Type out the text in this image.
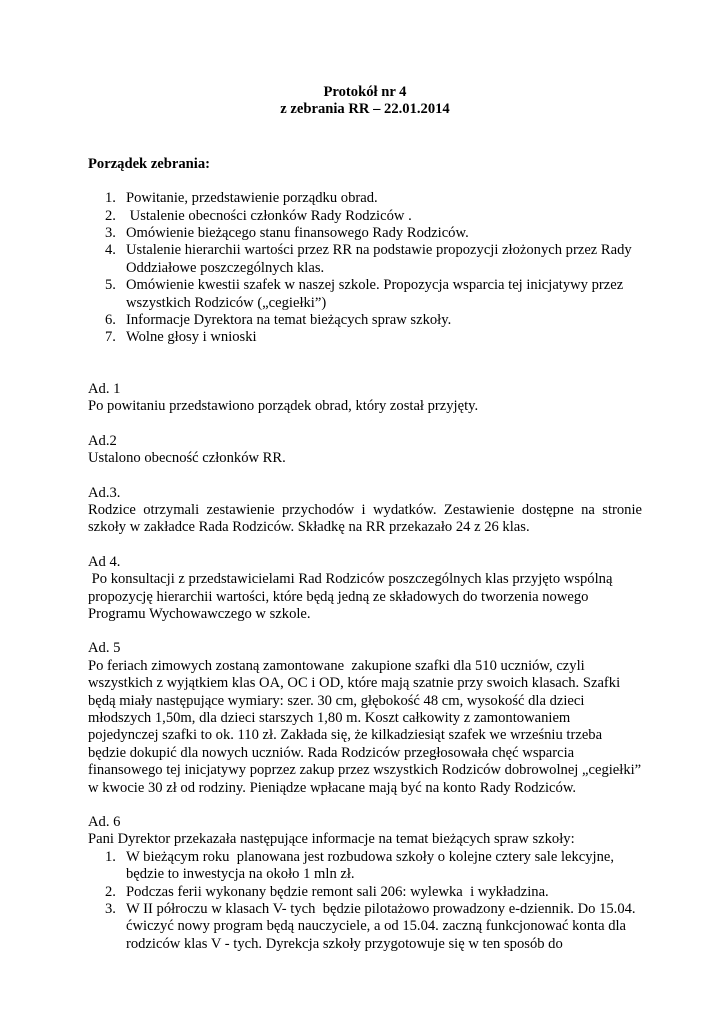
Protokół nr 4
z zebrania RR – 22.01.2014
Porządek zebrania:
1. Powitanie, przedstawienie porządku obrad.
2. Ustalenie obecności członków Rady Rodziców .
3. Omówienie bieżącego stanu finansowego Rady Rodziców.
4. Ustalenie hierarchii wartości przez RR na podstawie propozycji złożonych przez Rady Oddziałowe poszczególnych klas.
5. Omówienie kwestii szafek w naszej szkole. Propozycja wsparcia tej inicjatywy przez wszystkich Rodziców („cegiełki”)
6. Informacje Dyrektora na temat bieżących spraw szkoły.
7. Wolne głosy i wnioski
Ad. 1
Po powitaniu przedstawiono porządek obrad, który został przyjęty.
Ad.2
Ustalono obecność członków RR.
Ad.3.
Rodzice otrzymali zestawienie przychodów i wydatków. Zestawienie dostępne na stronie szkoły w zakładce Rada Rodziców. Składkę na RR przekazało 24 z 26 klas.
Ad 4.
Po konsultacji z przedstawicielami Rad Rodziców poszczególnych klas przyjęto wspólną propozycję hierarchii wartości, które będą jedną ze składowych do tworzenia nowego Programu Wychowawczego w szkole.
Ad. 5
Po feriach zimowych zostaną zamontowane  zakupione szafki dla 510 uczniów, czyli wszystkich z wyjątkiem klas OA, OC i OD, które mają szatnie przy swoich klasach. Szafki będą miały następujące wymiary: szer. 30 cm, głębokość 48 cm, wysokość dla dzieci młodszych 1,50m, dla dzieci starszych 1,80 m. Koszt całkowity z zamontowaniem pojedynczej szafki to ok. 110 zł. Zakłada się, że kilkadziesiąt szafek we wrześniu trzeba będzie dokupić dla nowych uczniów. Rada Rodziców przegłosowała chęć wsparcia finansowego tej inicjatywy poprzez zakup przez wszystkich Rodziców dobrowolnej „cegiełki” w kwocie 30 zł od rodziny. Pieniądze wpłacane mają być na konto Rady Rodziców.
Ad. 6
Pani Dyrektor przekazała następujące informacje na temat bieżących spraw szkoły:
1. W bieżącym roku  planowana jest rozbudowa szkoły o kolejne cztery sale lekcyjne, będzie to inwestycja na około 1 mln zł.
2. Podczas ferii wykonany będzie remont sali 206: wylewka  i wykładzina.
3. W II półroczu w klasach V- tych  będzie pilotażowo prowadzony e-dziennik. Do 15.04. ćwiczyć nowy program będą nauczyciele, a od 15.04. zaczną funkcjonować konta dla rodziców klas V - tych. Dyrekcja szkoły przygotowuje się w ten sposób do
